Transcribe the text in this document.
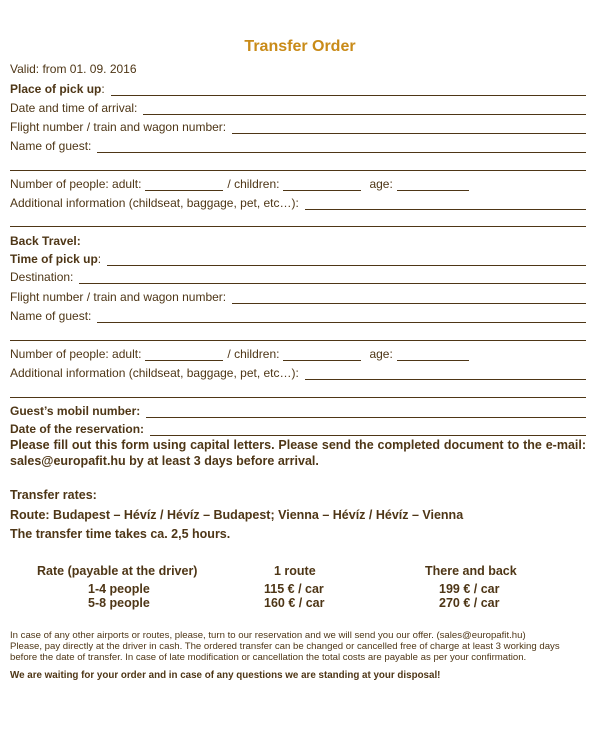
Transfer Order
Valid: from 01. 09. 2016
Place of pick up :
Date and time of arrival:
Flight number / train and wagon number:
Name of guest:
Number of people: adult:	/ children:	age:
Additional information (childseat, baggage, pet, etc…):
Back Travel:
Time of pick up :
Destination:
Flight number / train and wagon number:
Name of guest:
Number of people: adult:	/ children:	age:
Additional information (childseat, baggage, pet, etc…):
Guest’s mobil number:
Date of the reservation:
Please fill out this form using capital letters. Please send the completed document to the e-mail: sales@europafit.hu by at least 3 days before arrival.
Transfer rates:
Route: Budapest – Hévíz / Hévíz – Budapest; Vienna – Hévíz / Hévíz – Vienna
The transfer time takes ca. 2,5 hours.
Rate (payable at the driver)	1 route	There and back
1-4 people	115 € / car	199 € / car
5-8 people	160 € / car	270 € / car
In case of any other airports or routes, please, turn to our reservation and we will send you our offer. (sales@europafit.hu)
Please, pay directly at the driver in cash. The ordered transfer can be changed or cancelled free of charge at least 3 working days
before the date of transfer. In case of late modification or cancellation the total costs are payable as per your confirmation.
We are waiting for your order and in case of any questions we are standing at your disposal!
